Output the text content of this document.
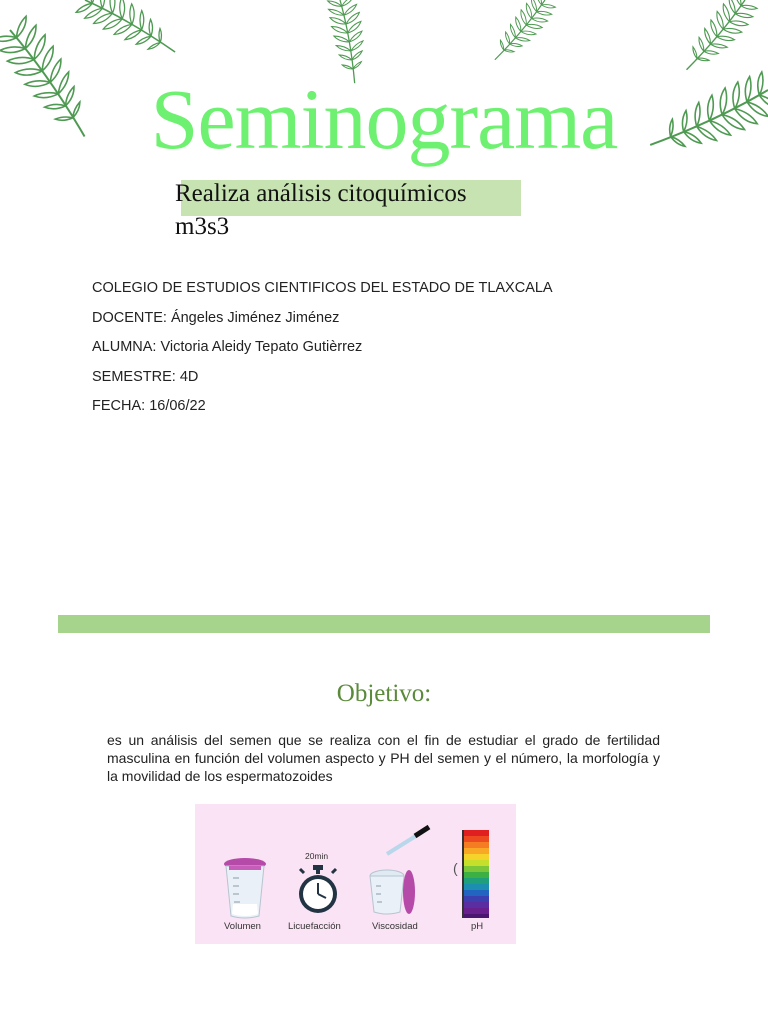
Seminograma
Realiza análisis citoquímicos
m3s3
COLEGIO DE ESTUDIOS CIENTIFICOS DEL ESTADO DE TLAXCALA
DOCENTE: Ángeles Jiménez Jiménez
ALUMNA: Victoria Aleidy Tepato Gutièrrez
SEMESTRE: 4D
FECHA: 16/06/22
Objetivo:
es un análisis del semen que se realiza con el fin de estudiar el grado de fertilidad masculina en función del volumen aspecto y PH del semen y el número, la morfología y la movilidad de los espermatozoides
20min
(
Volumen	Licuefacción	Viscosidad	pH
